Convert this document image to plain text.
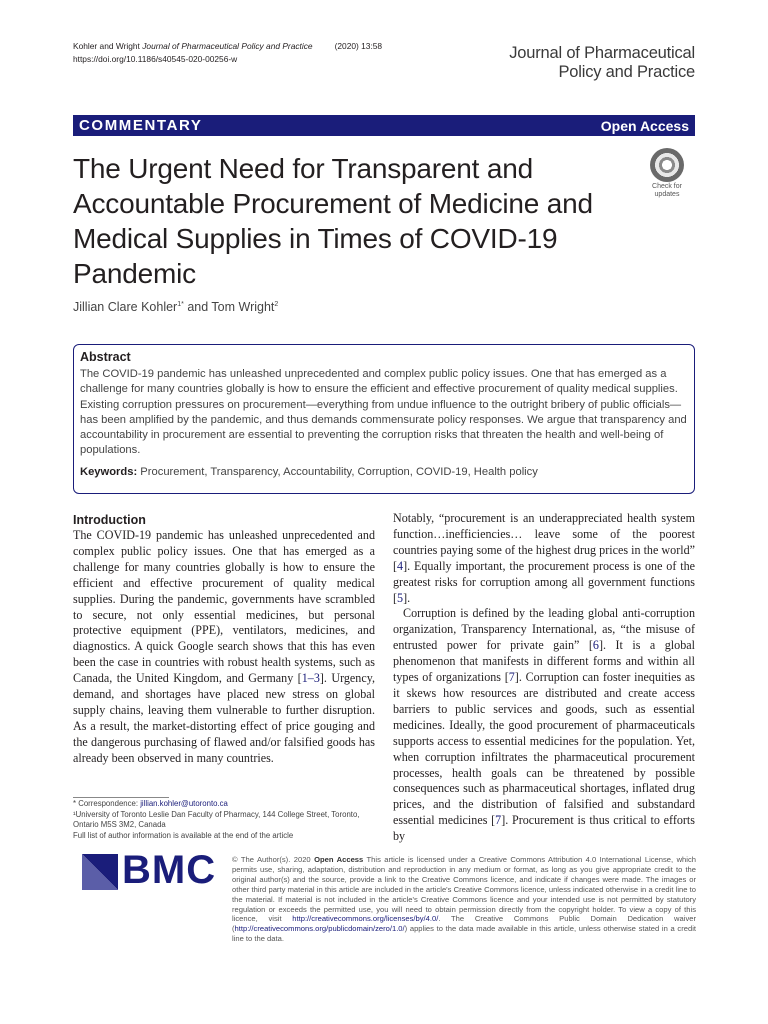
Kohler and Wright Journal of Pharmaceutical Policy and Practice	(2020) 13:58
https://doi.org/10.1186/s40545-020-00256-w	Journal of Pharmaceutical
Policy and Practice
COMMENTARY	Open Access
The Urgent Need for Transparent and Accountable Procurement of Medicine and Medical Supplies in Times of COVID-19 Pandemic
Check for
updates
Jillian Clare Kohler$^{1*}$ and Tom Wright$^2$
Abstract
The COVID-19 pandemic has unleashed unprecedented and complex public policy issues. One that has emerged as a challenge for many countries globally is how to ensure the efficient and effective procurement of quality medical supplies. Existing corruption pressures on procurement—everything from undue influence to the outright bribery of public officials—has been amplified by the pandemic, and thus demands commensurate policy responses. We argue that transparency and accountability in procurement are essential to preventing the corruption risks that threaten the health and well-being of populations.
Keywords: Procurement, Transparency, Accountability, Corruption, COVID-19, Health policy
Introduction

The COVID-19 pandemic has unleashed unprecedented and complex public policy issues. One that has emerged as a challenge for many countries globally is how to ensure the efficient and effective procurement of quality medical supplies. During the pandemic, governments have scrambled to secure, not only essential medicines, but personal protective equipment (PPE), ventilators, medicines, and diagnostics. A quick Google search shows that this has even been the case in countries with robust health systems, such as Canada, the United Kingdom, and Germany [1–3]. Urgency, demand, and shortages have placed new stress on global supply chains, leaving them vulnerable to further disruption. As a result, the market-distorting effect of price gouging and the dangerous purchasing of flawed and/or falsified goods has already been observed in many countries.

Notably, “procurement is an underappreciated health system function…inefficiencies… leave some of the poorest countries paying some of the highest drug prices in the world” [4]. Equally important, the procurement process is one of the greatest risks for corruption among all government functions [5].

Corruption is defined by the leading global anti-corruption organization, Transparency International, as, “the misuse of entrusted power for private gain” [6]. It is a global phenomenon that manifests in different forms and within all types of organizations [7]. Corruption can foster inequities as it skews how resources are distributed and create access barriers to public services and goods, such as essential medicines. Ideally, the good procurement of pharmaceuticals supports access to essential medicines for the population. Yet, when corruption infiltrates the pharmaceutical procurement processes, health goals can be threatened by possible consequences such as pharmaceutical shortages, inflated drug prices, and the distribution of falsified and substandard essential medicines [7]. Procurement is thus critical to efforts by

* Correspondence: jillian.kohler@utoronto.ca
¹University of Toronto Leslie Dan Faculty of Pharmacy, 144 College Street, Toronto, Ontario M5S 3M2, Canada
Full list of author information is available at the end of the article
BMC © The Author(s). 2020 Open Access This article is licensed under a Creative Commons Attribution 4.0 International License, which permits use, sharing, adaptation, distribution and reproduction in any medium or format, as long as you give appropriate credit to the original author(s) and the source, provide a link to the Creative Commons licence, and indicate if changes were made. The images or other third party material in this article are included in the article's Creative Commons licence, unless indicated otherwise in a credit line to the material. If material is not included in the article's Creative Commons licence and your intended use is not permitted by statutory regulation or exceeds the permitted use, you will need to obtain permission directly from the copyright holder. To view a copy of this licence, visit http://creativecommons.org/licenses/by/4.0/. The Creative Commons Public Domain Dedication waiver (http://creativecommons.org/publicdomain/zero/1.0/) applies to the data made available in this article, unless otherwise stated in a credit line to the data.
